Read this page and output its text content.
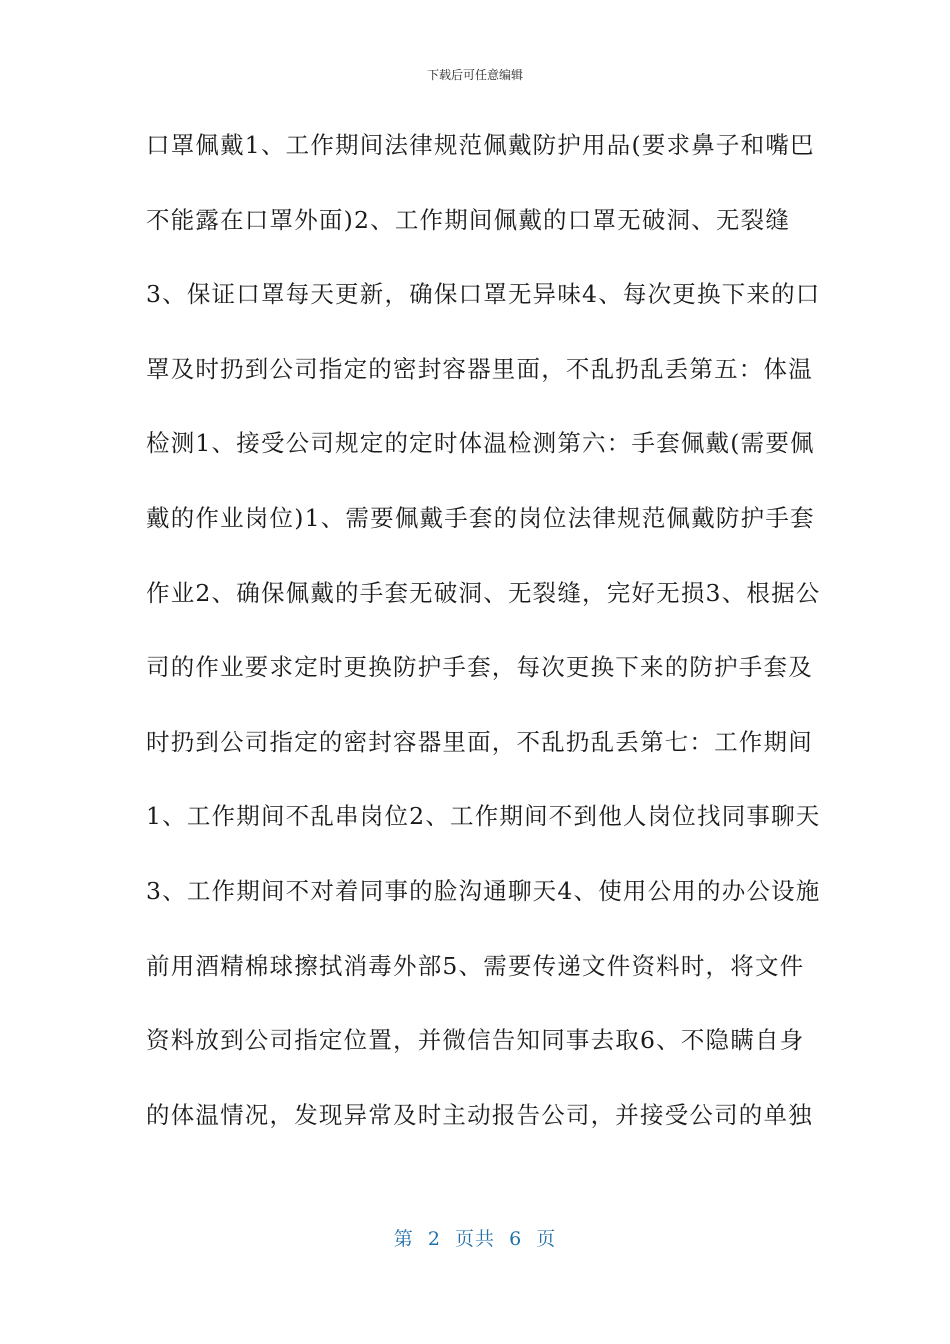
下载后可任意编辑
口罩佩戴1、工作期间法律规范佩戴防护用品(要求鼻子和嘴巴
不能露在口罩外面)2、工作期间佩戴的口罩无破洞、无裂缝
3、保证口罩每天更新，确保口罩无异味4、每次更换下来的口
罩及时扔到公司指定的密封容器里面，不乱扔乱丢第五：体温
检测1、接受公司规定的定时体温检测第六：手套佩戴(需要佩
戴的作业岗位)1、需要佩戴手套的岗位法律规范佩戴防护手套
作业2、确保佩戴的手套无破洞、无裂缝，完好无损3、根据公
司的作业要求定时更换防护手套，每次更换下来的防护手套及
时扔到公司指定的密封容器里面，不乱扔乱丢第七：工作期间
1、工作期间不乱串岗位2、工作期间不到他人岗位找同事聊天
3、工作期间不对着同事的脸沟通聊天4、使用公用的办公设施
前用酒精棉球擦拭消毒外部5、需要传递文件资料时，将文件
资料放到公司指定位置，并微信告知同事去取6、不隐瞒自身
的体温情况，发现异常及时主动报告公司，并接受公司的单独
第  2  页共  6  页
